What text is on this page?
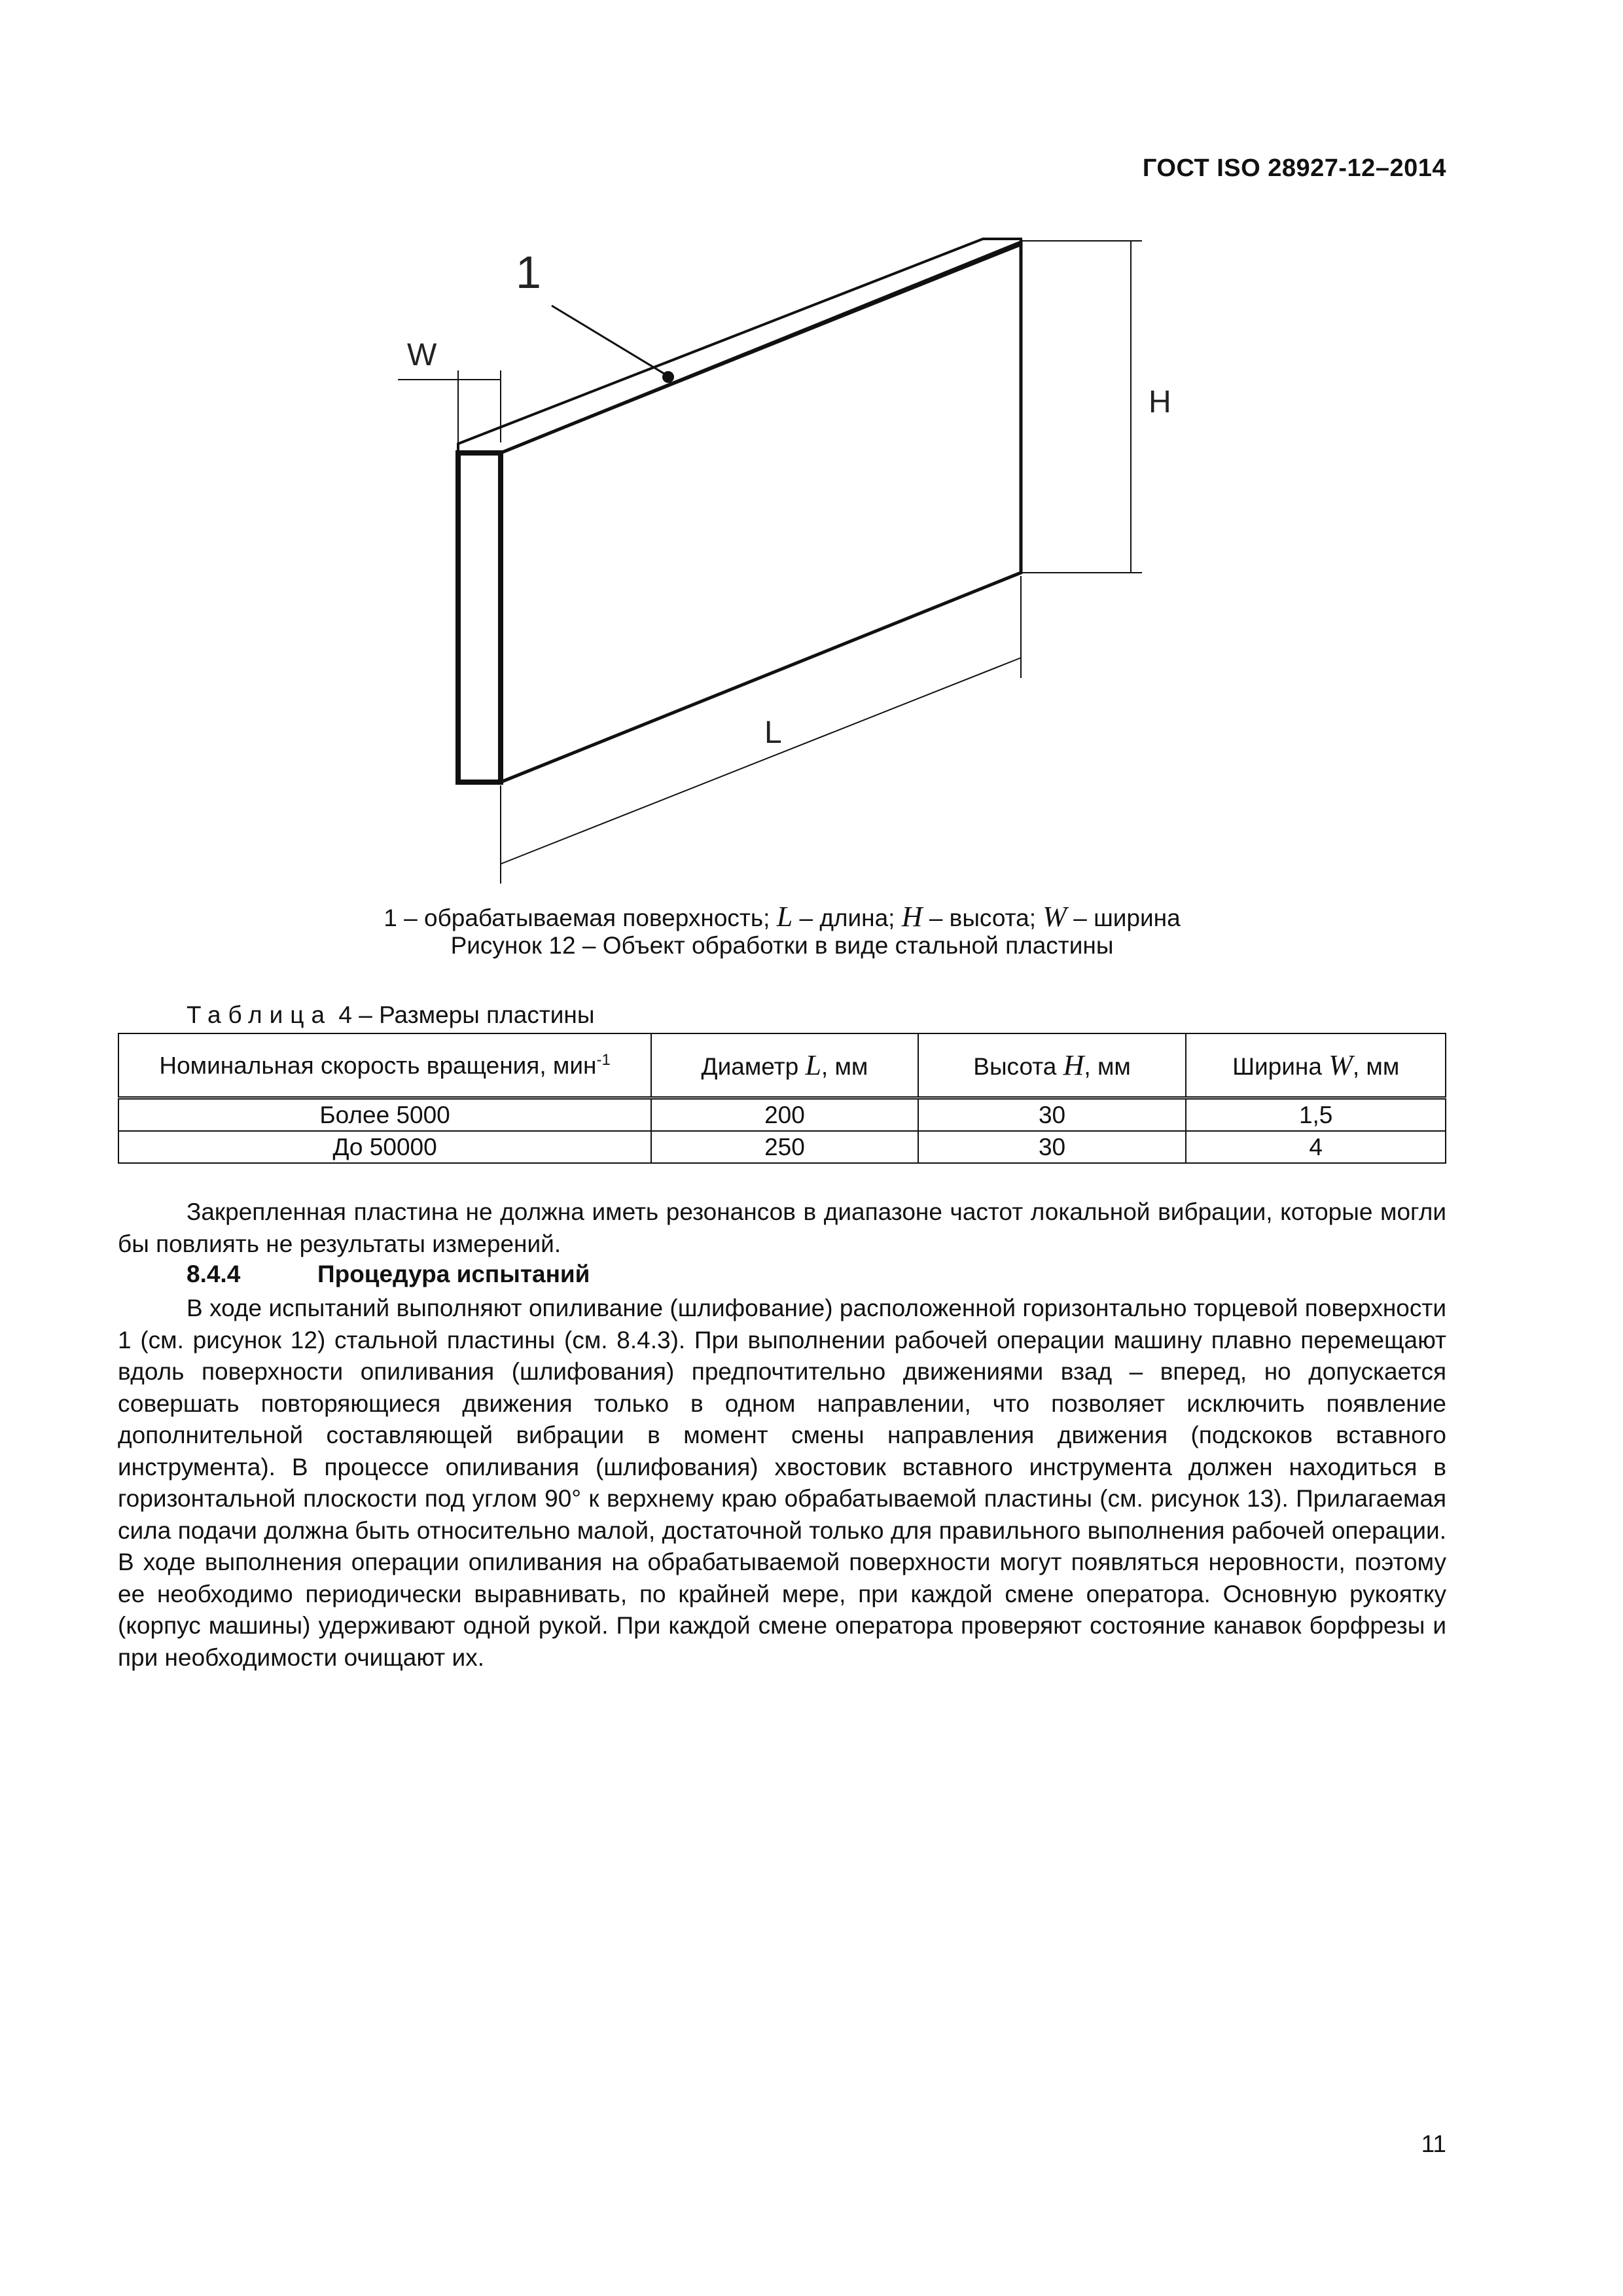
ГОСТ ISO 28927-12–2014
1
W
H
L
1 – обрабатываемая поверхность; L – длина; H – высота; W – ширина
Рисунок 12 – Объект обработки в виде стальной пластины
Таблица 4 – Размеры пластины
Номинальная скорость вращения, мин$^{-1}$	Диаметр L, мм	Высота H, мм	Ширина W, мм
Более 5000	200	30	1,5
До 50000	250	30	4
Закрепленная пластина не должна иметь резонансов в диапазоне частот локальной вибрации, которые могли бы повлиять не результаты измерений.
8.4.4	Процедура испытаний
В ходе испытаний выполняют опиливание (шлифование) расположенной горизонтально торцевой поверхности 1 (см. рисунок 12) стальной пластины (см. 8.4.3). При выполнении рабочей операции машину плавно перемещают вдоль поверхности опиливания (шлифования) предпочтительно движениями взад – вперед, но допускается совершать повторяющиеся движения только в одном направлении, что позволяет исключить появление дополнительной составляющей вибрации в момент смены направления движения (подскоков вставного инструмента). В процессе опиливания (шлифования) хвостовик вставного инструмента должен находиться в горизонтальной плоскости под углом 90° к верхнему краю обрабатываемой пластины (см. рисунок 13). Прилагаемая сила подачи должна быть относительно малой, достаточной только для правильного выполнения рабочей операции. В ходе выполнения операции опиливания на обрабатываемой поверхности могут появляться неровности, поэтому ее необходимо периодически выравнивать, по крайней мере, при каждой смене оператора. Основную рукоятку (корпус машины) удерживают одной рукой. При каждой смене оператора проверяют состояние канавок борфрезы и при необходимости очищают их.
11
